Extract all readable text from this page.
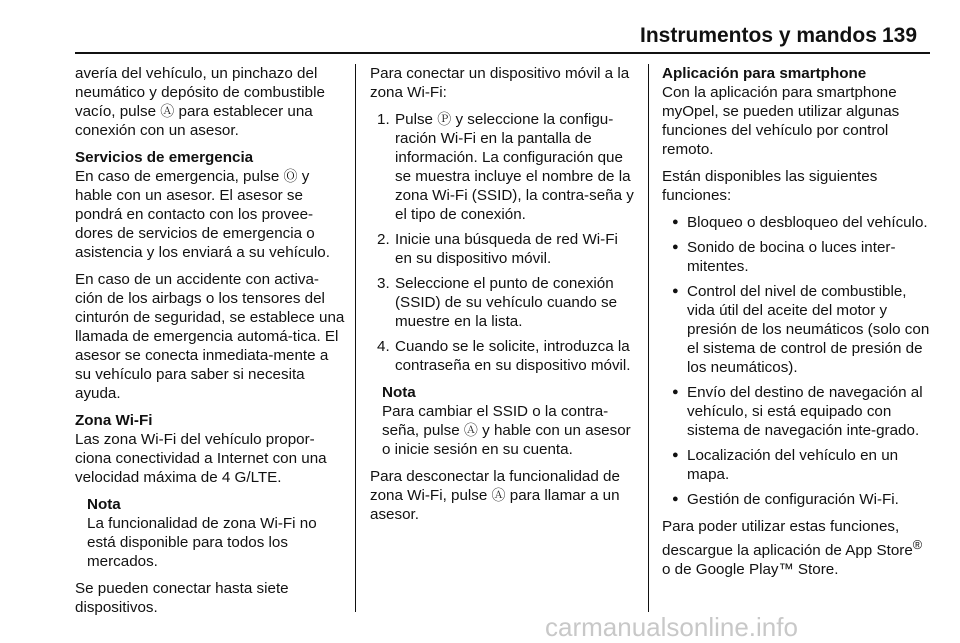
Instrumentos y mandos 139

avería del vehículo, un pinchazo del neumático y depósito de combustible vacío, pulse Ⓐ para establecer una conexión con un asesor.

Servicios de emergencia

En caso de emergencia, pulse Ⓞ y hable con un asesor. El asesor se pondrá en contacto con los provee-dores de servicios de emergencia o asistencia y los enviará a su vehículo.

En caso de un accidente con activa-ción de los airbags o los tensores del cinturón de seguridad, se establece una llamada de emergencia automá-tica. El asesor se conecta inmediata-mente a su vehículo para saber si necesita ayuda.

Zona Wi-Fi

Las zona Wi-Fi del vehículo propor-ciona conectividad a Internet con una velocidad máxima de 4 G/LTE.

Nota

La funcionalidad de zona Wi-Fi no está disponible para todos los mercados.

Se pueden conectar hasta siete dispositivos.

Para conectar un dispositivo móvil a la zona Wi-Fi:

1. Pulse Ⓟ y seleccione la configu-ración Wi-Fi en la pantalla de información. La configuración que se muestra incluye el nombre de la zona Wi-Fi (SSID), la contra-seña y el tipo de conexión.
2. Inicie una búsqueda de red Wi-Fi en su dispositivo móvil.
3. Seleccione el punto de conexión (SSID) de su vehículo cuando se muestre en la lista.
4. Cuando se le solicite, introduzca la contraseña en su dispositivo móvil.

Nota

Para cambiar el SSID o la contra-seña, pulse Ⓐ y hable con un asesor o inicie sesión en su cuenta.

Para desconectar la funcionalidad de zona Wi-Fi, pulse Ⓐ para llamar a un asesor.

Aplicación para smartphone

Con la aplicación para smartphone myOpel, se pueden utilizar algunas funciones del vehículo por control remoto.

Están disponibles las siguientes funciones:

● Bloqueo o desbloqueo del vehículo.
● Sonido de bocina o luces inter-mitentes.
● Control del nivel de combustible, vida útil del aceite del motor y presión de los neumáticos (solo con el sistema de control de presión de los neumáticos).
● Envío del destino de navegación al vehículo, si está equipado con sistema de navegación inte-grado.
● Localización del vehículo en un mapa.
● Gestión de configuración Wi-Fi.

Para poder utilizar estas funciones, descargue la aplicación de App Store® o de Google Play™ Store.

carmanualsonline.info
